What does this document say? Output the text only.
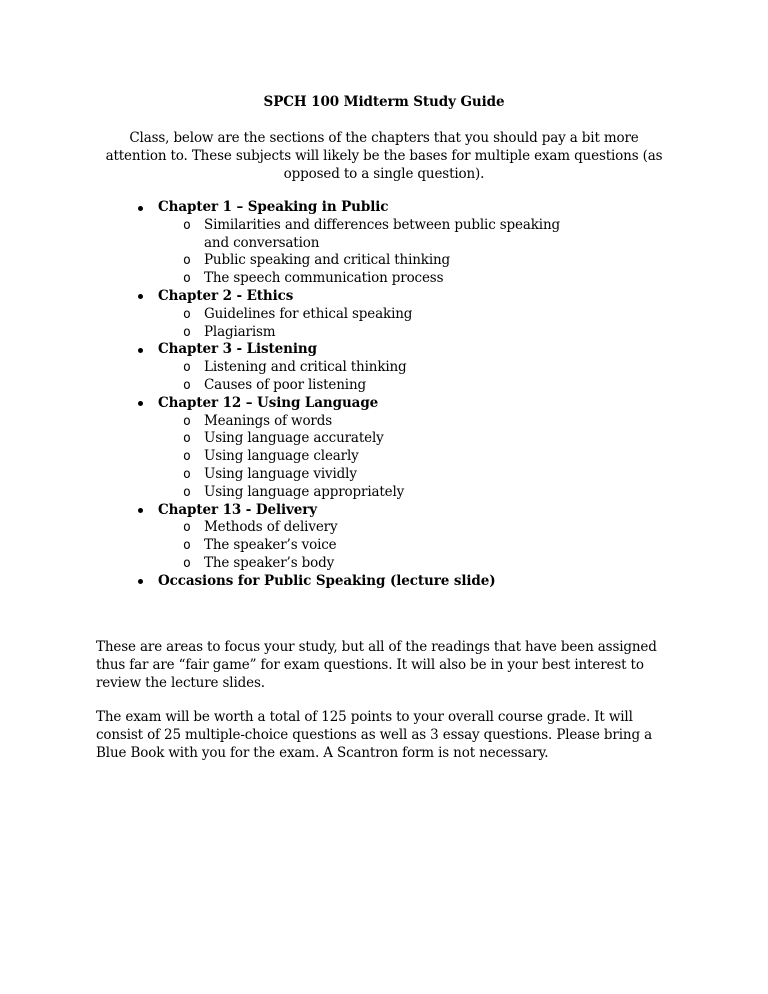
SPCH 100 Midterm Study Guide
Class, below are the sections of the chapters that you should pay a bit more
attention to. These subjects will likely be the bases for multiple exam questions (as
opposed to a single question).
Chapter 1 – Speaking in Public
o Similarities and differences between public speaking and conversation
o Public speaking and critical thinking
o The speech communication process
Chapter 2 - Ethics
o Guidelines for ethical speaking
o Plagiarism
Chapter 3 - Listening
o Listening and critical thinking
o Causes of poor listening
Chapter 12 – Using Language
o Meanings of words
o Using language accurately
o Using language clearly
o Using language vividly
o Using language appropriately
Chapter 13 - Delivery
o Methods of delivery
o The speaker’s voice
o The speaker’s body
Occasions for Public Speaking (lecture slide)
These are areas to focus your study, but all of the readings that have been assigned
thus far are “fair game” for exam questions. It will also be in your best interest to
review the lecture slides.
The exam will be worth a total of 125 points to your overall course grade. It will
consist of 25 multiple-choice questions as well as 3 essay questions. Please bring a
Blue Book with you for the exam. A Scantron form is not necessary.
